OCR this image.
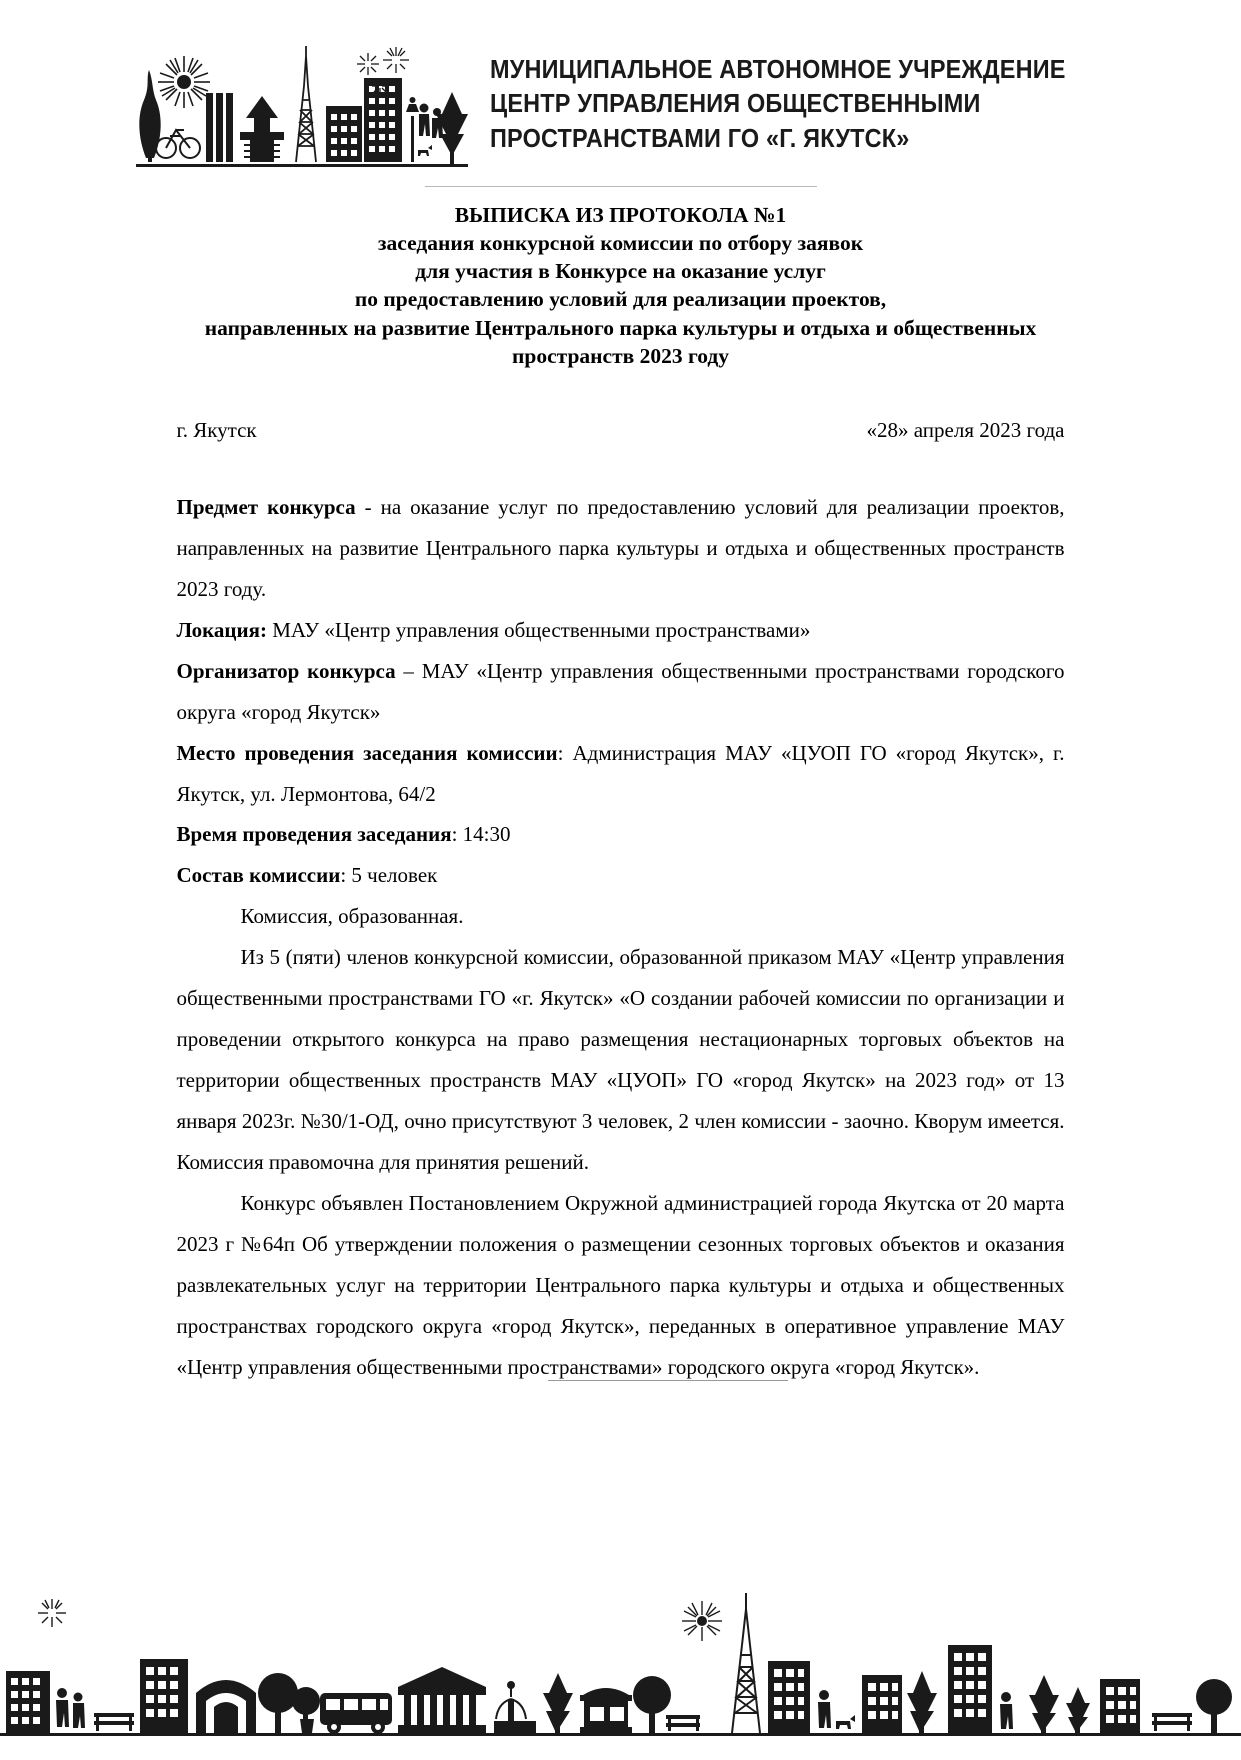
МУНИЦИПАЛЬНОЕ АВТОНОМНОЕ УЧРЕЖДЕНИЕ
ЦЕНТР УПРАВЛЕНИЯ ОБЩЕСТВЕННЫМИ
ПРОСТРАНСТВАМИ ГО «Г. ЯКУТСК»
ВЫПИСКА ИЗ ПРОТОКОЛА №1
заседания конкурсной комиссии по отбору заявок
для участия в Конкурсе на оказание услуг
по предоставлению условий для реализации проектов,
направленных на развитие Центрального парка культуры и отдыха и общественных
пространств 2023 году
г. Якутск	«28» апреля 2023 года

Предмет конкурса - на оказание услуг по предоставлению условий для реализации проектов, направленных на развитие Центрального парка культуры и отдыха и общественных пространств 2023 году.

Локация: МАУ «Центр управления общественными пространствами»

Организатор конкурса – МАУ «Центр управления общественными пространствами городского округа «город Якутск»

Место проведения заседания комиссии: Администрация МАУ «ЦУОП ГО «город Якутск», г. Якутск, ул. Лермонтова, 64/2

Время проведения заседания: 14:30

Состав комиссии: 5 человек

Комиссия, образованная.

Из 5 (пяти) членов конкурсной комиссии, образованной приказом МАУ «Центр управления общественными пространствами ГО «г. Якутск» «О создании рабочей комиссии по организации и проведении открытого конкурса на право размещения нестационарных торговых объектов на территории общественных пространств МАУ «ЦУОП» ГО «город Якутск» на 2023 год» от 13 января 2023г. №30/1-ОД, очно присутствуют 3 человек, 2 член комиссии - заочно. Кворум имеется. Комиссия правомочна для принятия решений.

Конкурс объявлен Постановлением Окружной администрацией города Якутска от 20 марта 2023 г №64п Об утверждении положения о размещении сезонных торговых объектов и оказания развлекательных услуг на территории Центрального парка культуры и отдыха и общественных пространствах городского округа «город Якутск», переданных в оперативное управление МАУ «Центр управления общественными пространствами» городского округа «город Якутск».
